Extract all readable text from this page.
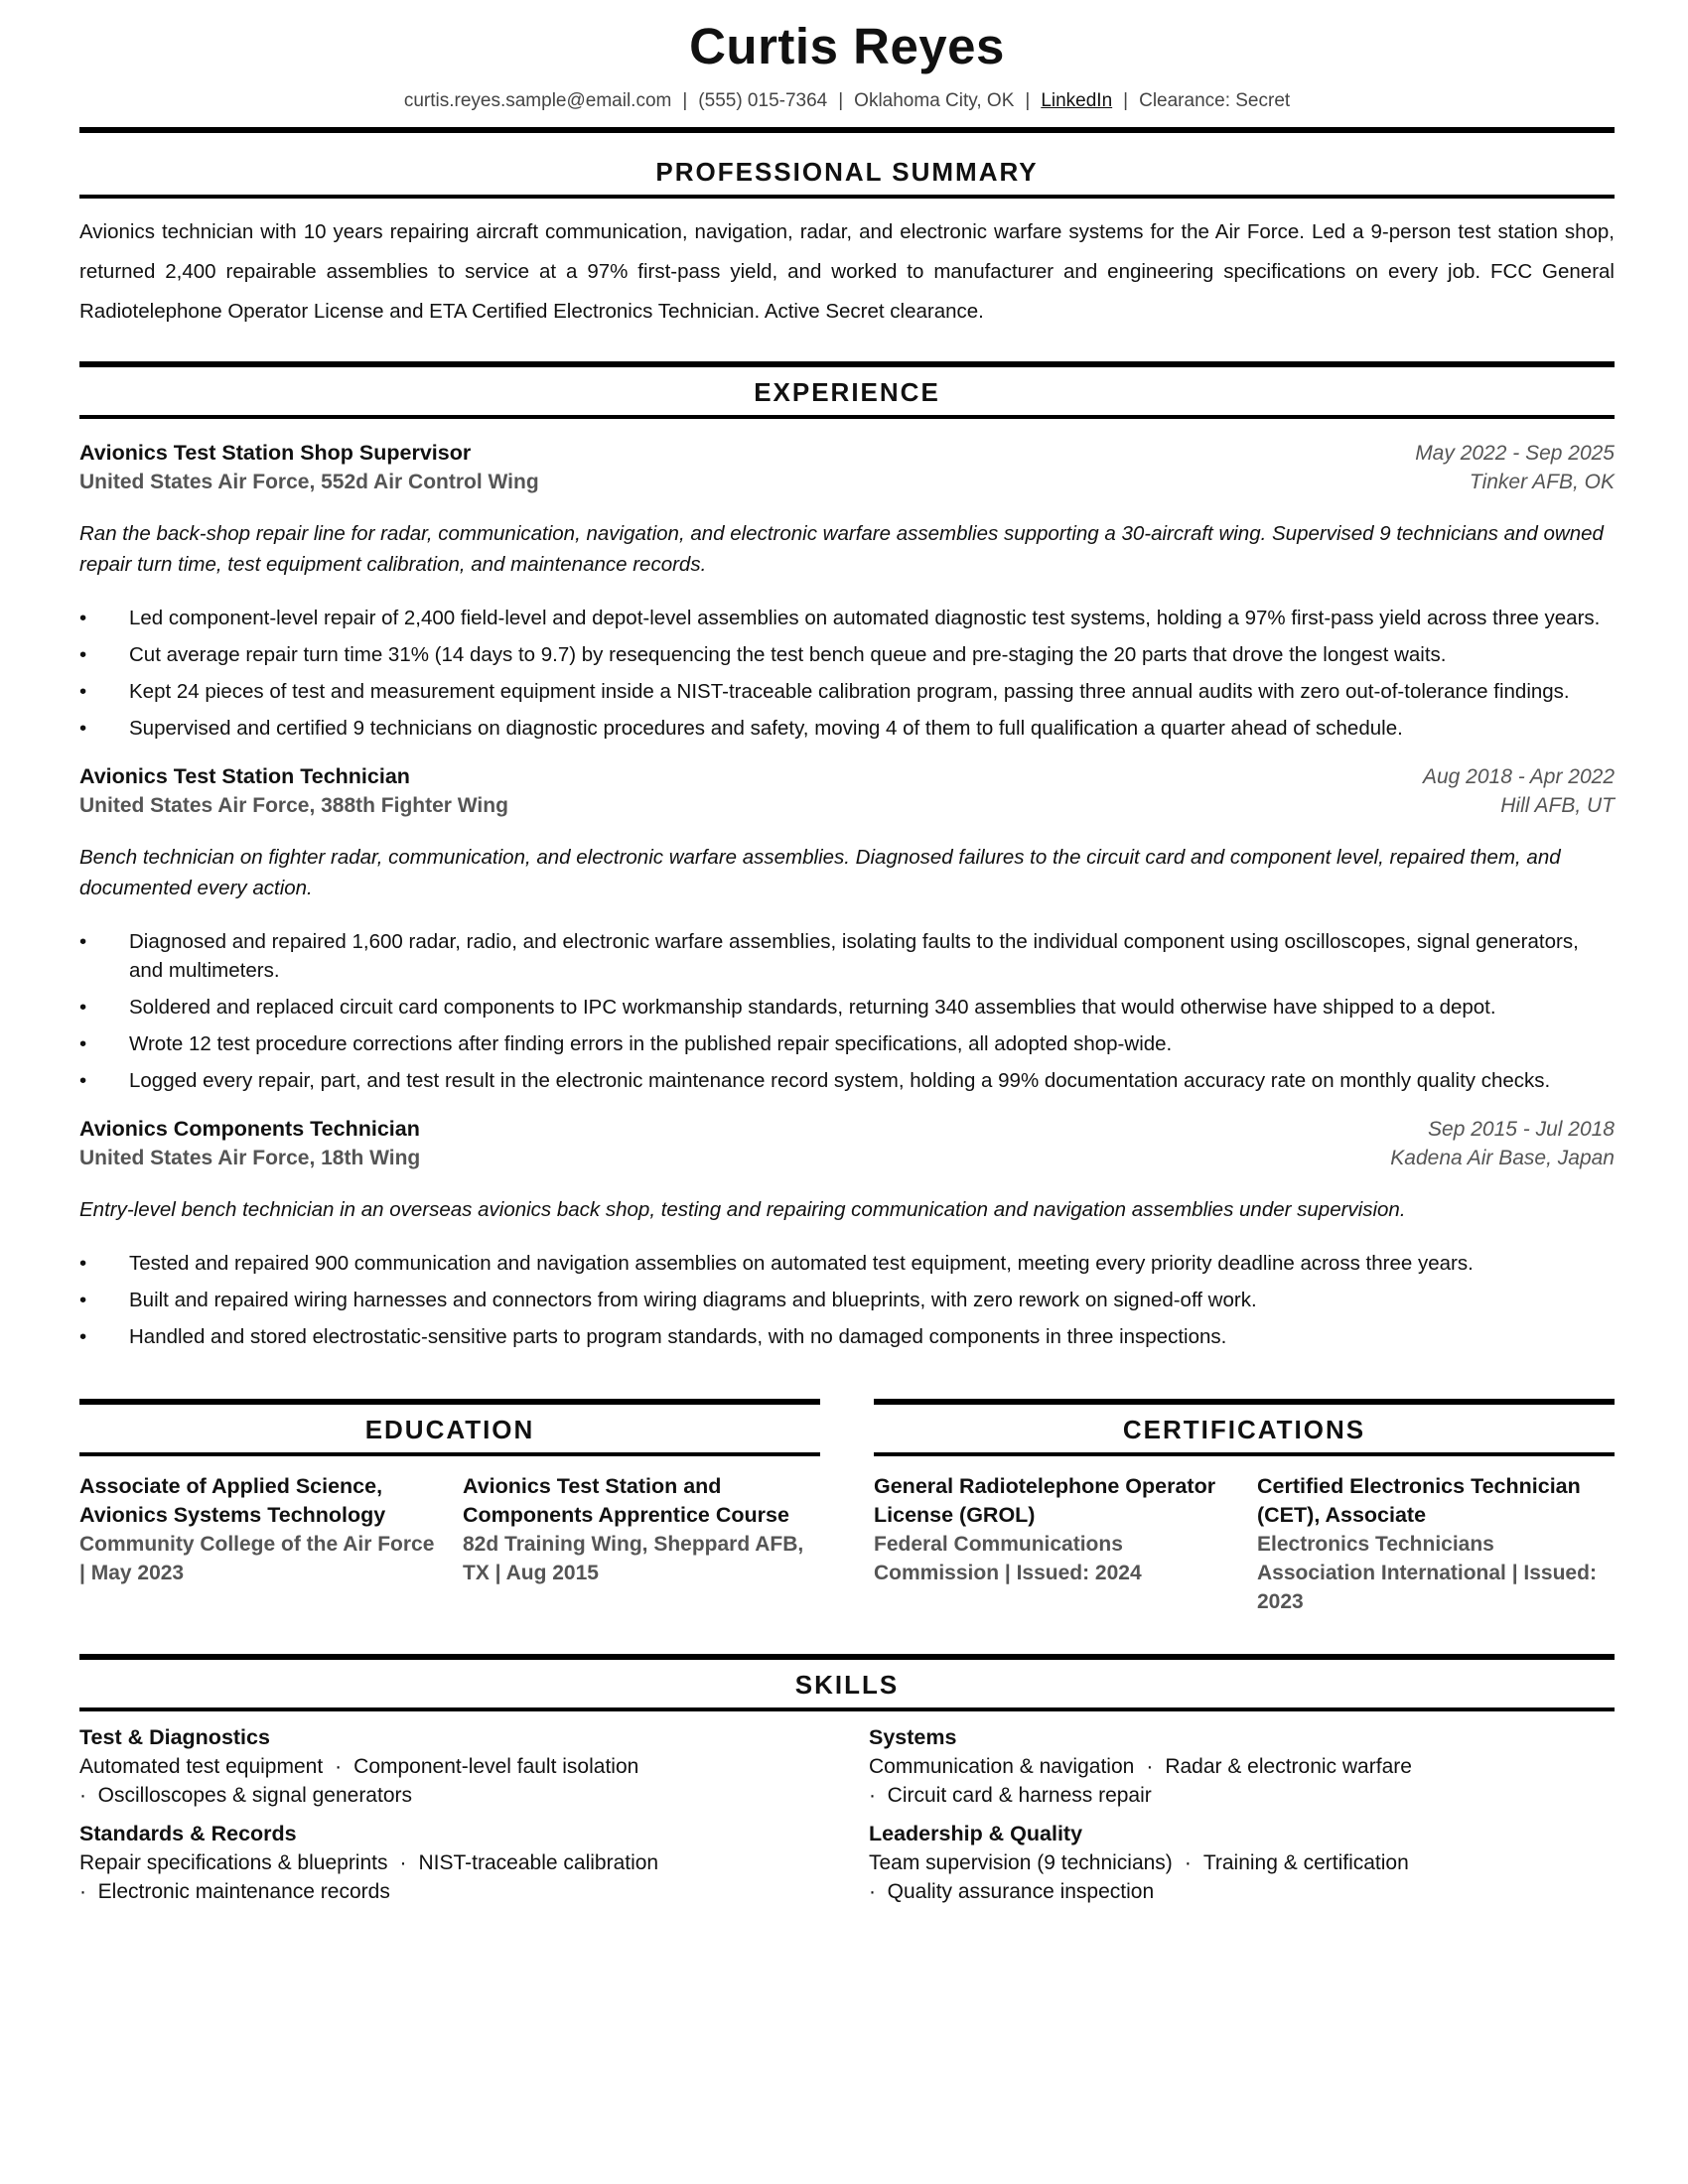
Curtis Reyes
curtis.reyes.sample@email.com | (555) 015-7364 | Oklahoma City, OK | LinkedIn | Clearance: Secret
PROFESSIONAL SUMMARY
Avionics technician with 10 years repairing aircraft communication, navigation, radar, and electronic warfare systems for the Air Force. Led a 9-person test station shop, returned 2,400 repairable assemblies to service at a 97% first-pass yield, and worked to manufacturer and engineering specifications on every job. FCC General Radiotelephone Operator License and ETA Certified Electronics Technician. Active Secret clearance.
EXPERIENCE
Avionics Test Station Shop Supervisor	May 2022 - Sep 2025
United States Air Force, 552d Air Control Wing	Tinker AFB, OK
Ran the back-shop repair line for radar, communication, navigation, and electronic warfare assemblies supporting a 30-aircraft wing. Supervised 9 technicians and owned repair turn time, test equipment calibration, and maintenance records.
• Led component-level repair of 2,400 field-level and depot-level assemblies on automated diagnostic test systems, holding a 97% first-pass yield across three years.
• Cut average repair turn time 31% (14 days to 9.7) by resequencing the test bench queue and pre-staging the 20 parts that drove the longest waits.
• Kept 24 pieces of test and measurement equipment inside a NIST-traceable calibration program, passing three annual audits with zero out-of-tolerance findings.
• Supervised and certified 9 technicians on diagnostic procedures and safety, moving 4 of them to full qualification a quarter ahead of schedule.
Avionics Test Station Technician	Aug 2018 - Apr 2022
United States Air Force, 388th Fighter Wing	Hill AFB, UT
Bench technician on fighter radar, communication, and electronic warfare assemblies. Diagnosed failures to the circuit card and component level, repaired them, and documented every action.
• Diagnosed and repaired 1,600 radar, radio, and electronic warfare assemblies, isolating faults to the individual component using oscilloscopes, signal generators, and multimeters.
• Soldered and replaced circuit card components to IPC workmanship standards, returning 340 assemblies that would otherwise have shipped to a depot.
• Wrote 12 test procedure corrections after finding errors in the published repair specifications, all adopted shop-wide.
• Logged every repair, part, and test result in the electronic maintenance record system, holding a 99% documentation accuracy rate on monthly quality checks.
Avionics Components Technician	Sep 2015 - Jul 2018
United States Air Force, 18th Wing	Kadena Air Base, Japan
Entry-level bench technician in an overseas avionics back shop, testing and repairing communication and navigation assemblies under supervision.
• Tested and repaired 900 communication and navigation assemblies on automated test equipment, meeting every priority deadline across three years.
• Built and repaired wiring harnesses and connectors from wiring diagrams and blueprints, with zero rework on signed-off work.
• Handled and stored electrostatic-sensitive parts to program standards, with no damaged components in three inspections.
EDUCATION
Associate of Applied Science, Avionics Systems Technology
Community College of the Air Force | May 2023
Avionics Test Station and Components Apprentice Course
82d Training Wing, Sheppard AFB, TX | Aug 2015
CERTIFICATIONS
General Radiotelephone Operator License (GROL)
Federal Communications Commission | Issued: 2024
Certified Electronics Technician (CET), Associate
Electronics Technicians Association International | Issued: 2023
SKILLS
Test & Diagnostics
Automated test equipment · Component-level fault isolation
· Oscilloscopes & signal generators
Systems
Communication & navigation · Radar & electronic warfare
· Circuit card & harness repair
Standards & Records
Repair specifications & blueprints · NIST-traceable calibration
· Electronic maintenance records
Leadership & Quality
Team supervision (9 technicians) · Training & certification
· Quality assurance inspection
